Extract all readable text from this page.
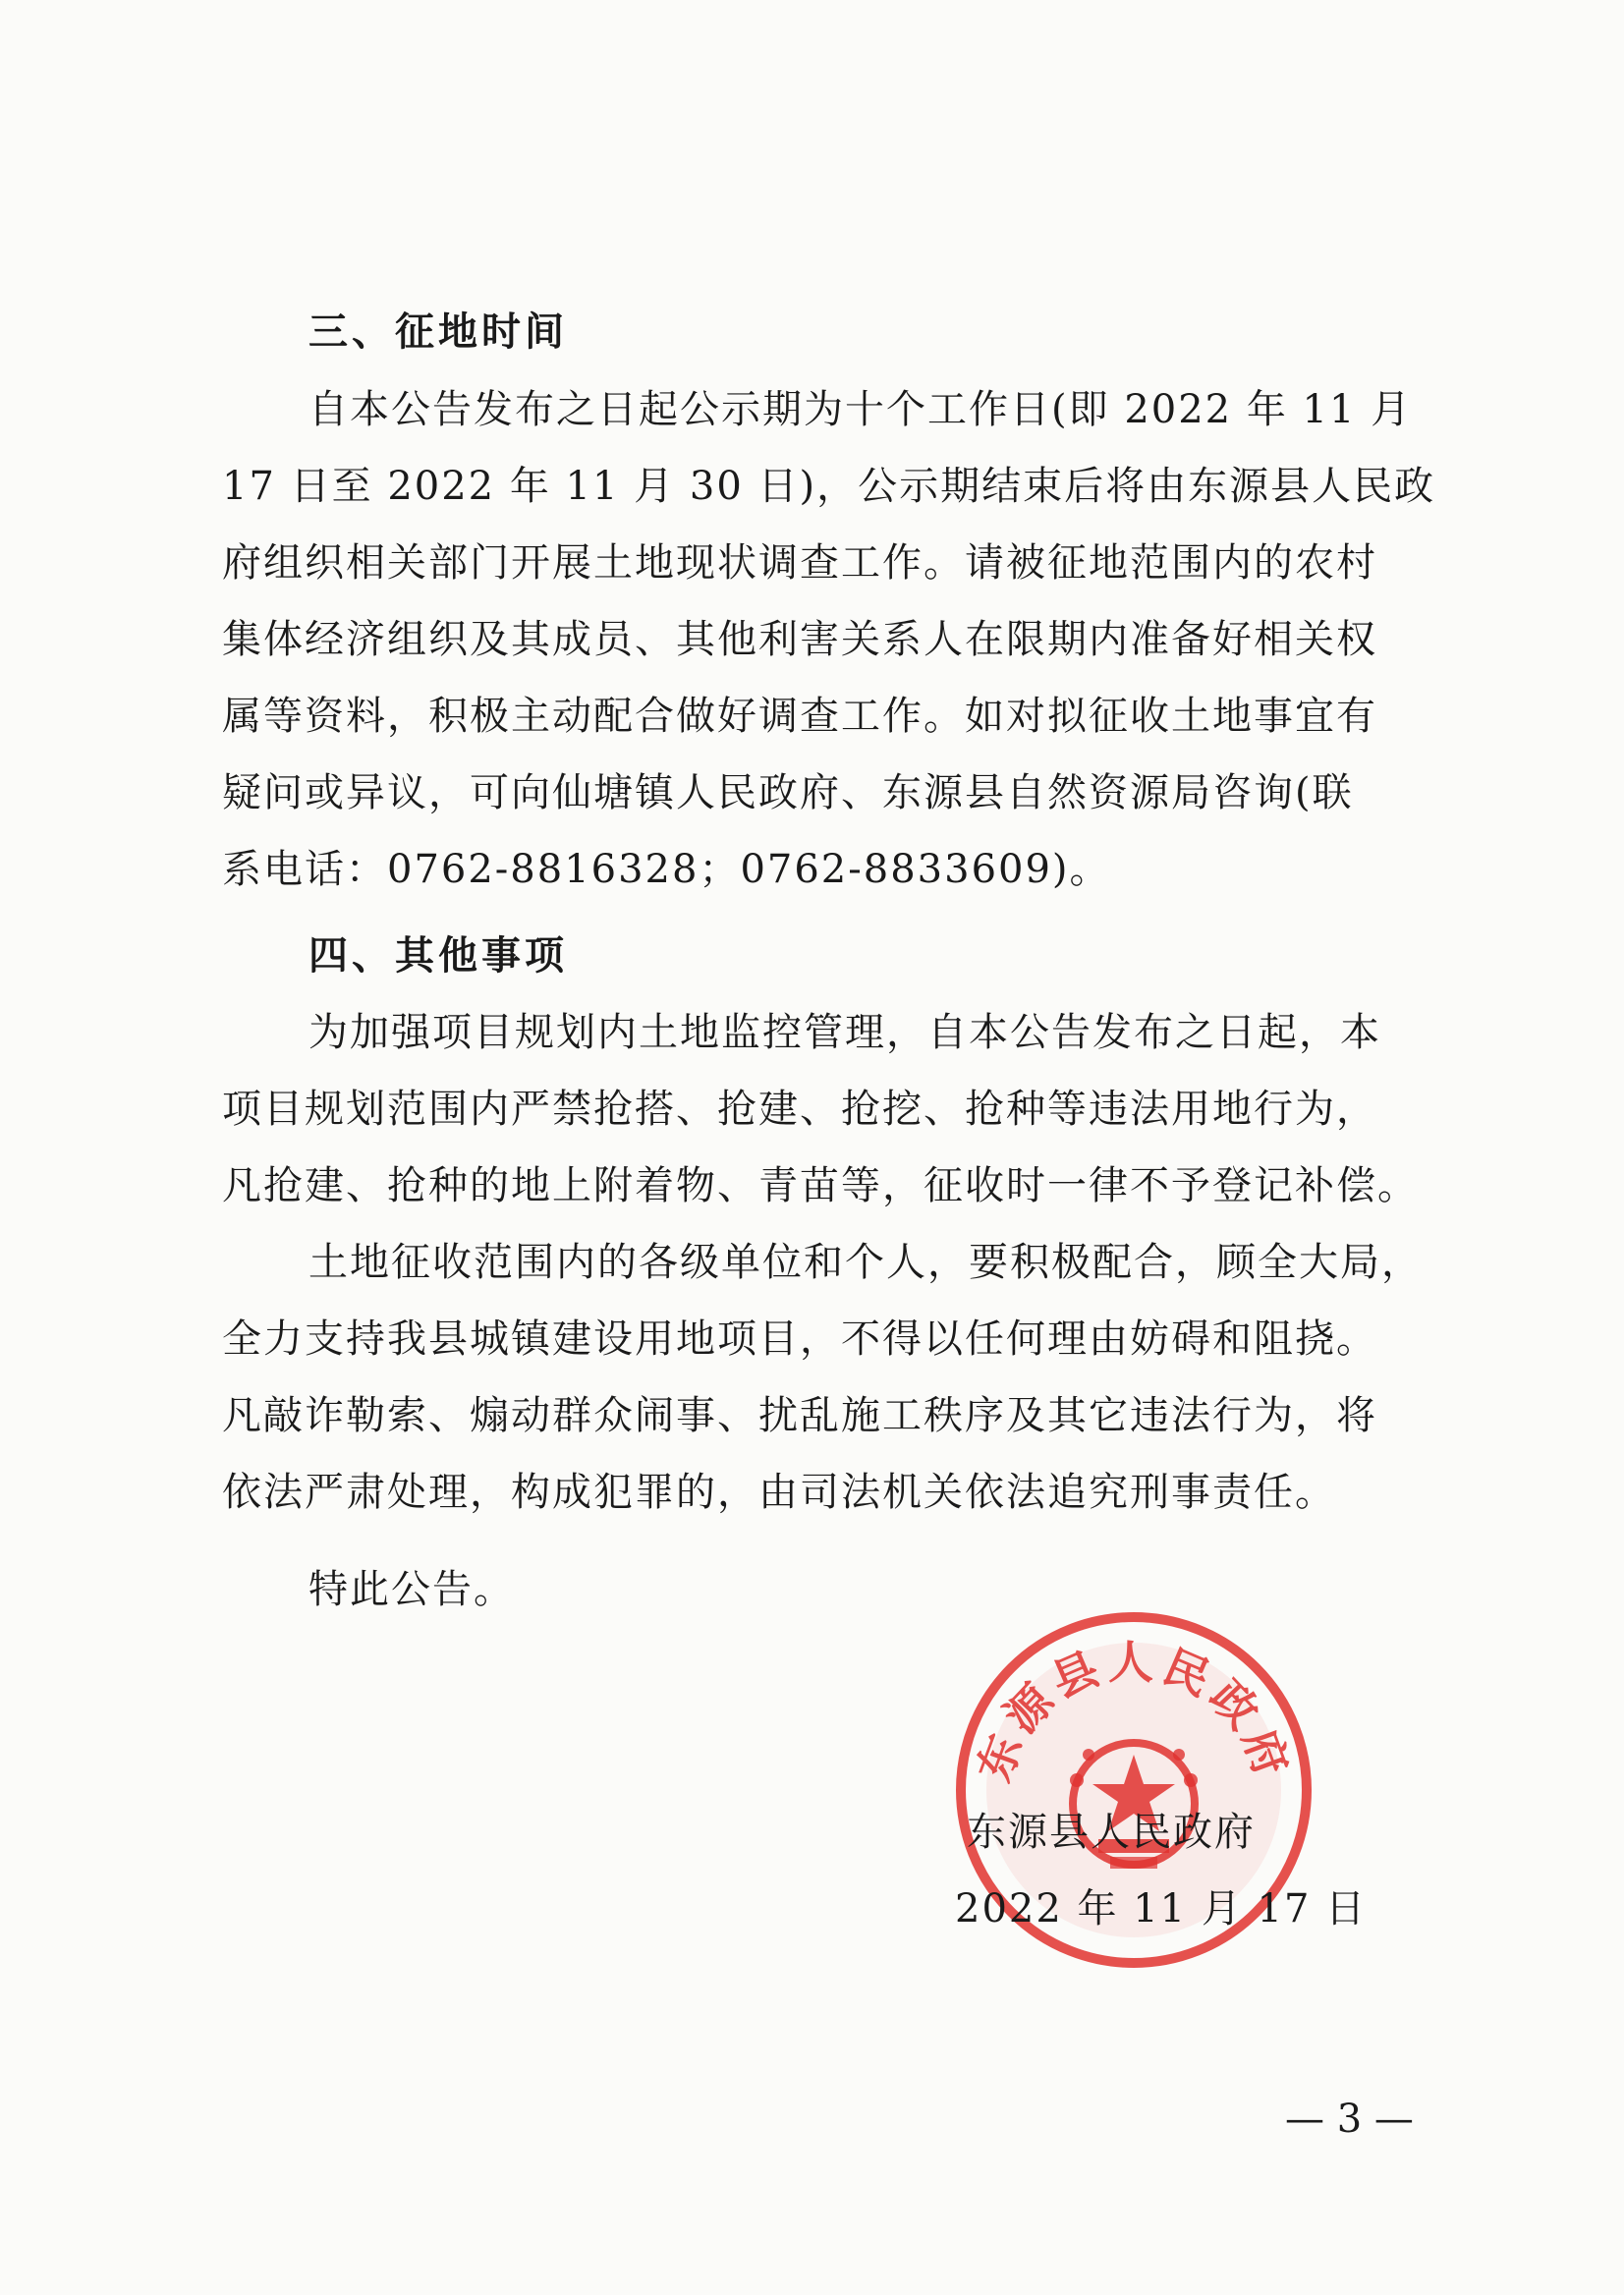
三、征地时间
自本公告发布之日起公示期为十个工作日(即 2022 年 11 月
17 日至 2022 年 11 月 30 日)，公示期结束后将由东源县人民政
府组织相关部门开展土地现状调查工作。请被征地范围内的农村
集体经济组织及其成员、其他利害关系人在限期内准备好相关权
属等资料，积极主动配合做好调查工作。如对拟征收土地事宜有
疑问或异议，可向仙塘镇人民政府、东源县自然资源局咨询(联
系电话：0762-8816328；0762-8833609)。
四、其他事项
为加强项目规划内土地监控管理，自本公告发布之日起，本
项目规划范围内严禁抢搭、抢建、抢挖、抢种等违法用地行为，
凡抢建、抢种的地上附着物、青苗等，征收时一律不予登记补偿。
土地征收范围内的各级单位和个人，要积极配合，顾全大局，
全力支持我县城镇建设用地项目，不得以任何理由妨碍和阻挠。
凡敲诈勒索、煽动群众闹事、扰乱施工秩序及其它违法行为，将
依法严肃处理，构成犯罪的，由司法机关依法追究刑事责任。
特此公告。
东源县人民政府
东源县人民政府
2022 年 11 月 17 日
— 3 —
